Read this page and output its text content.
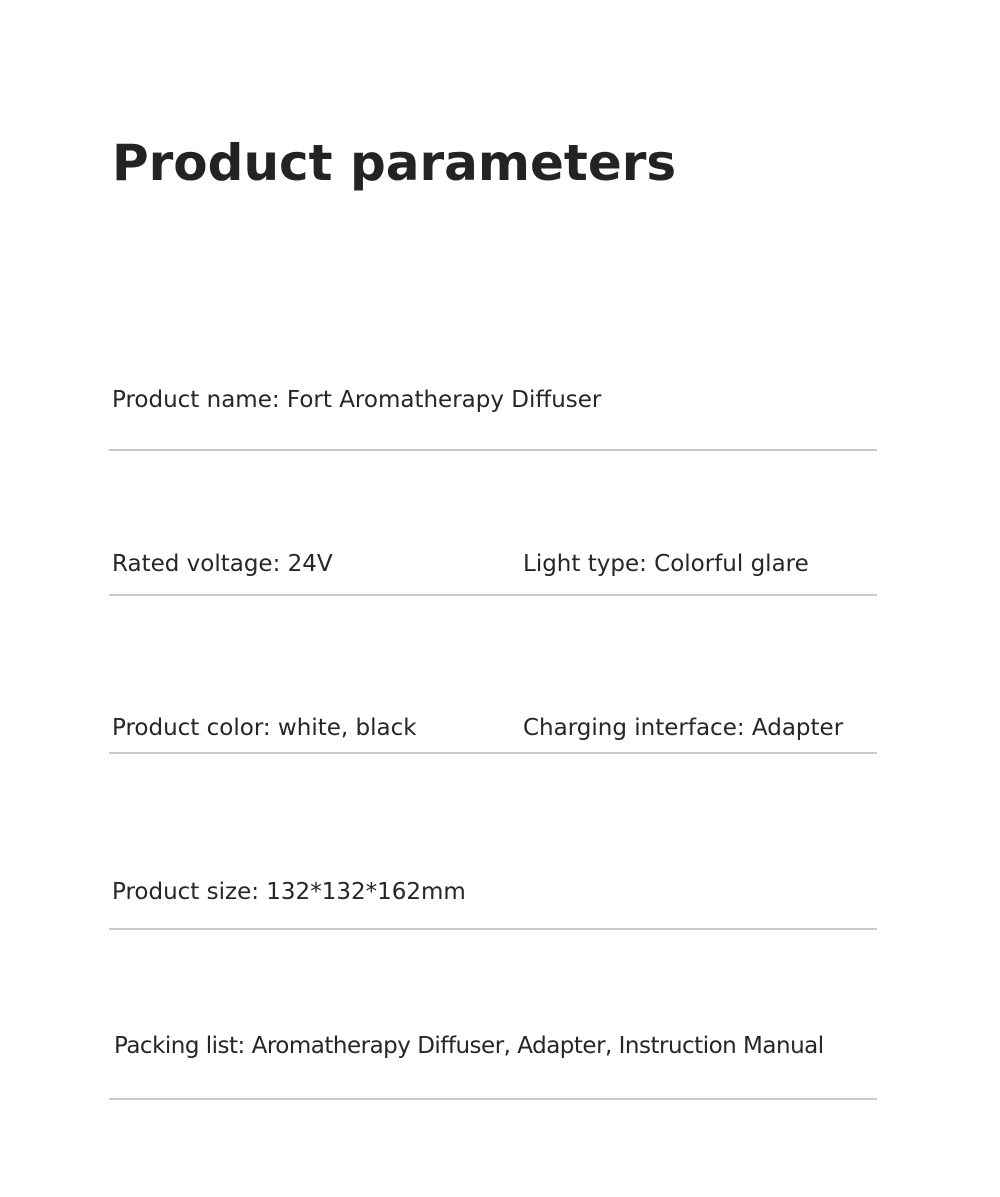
Product parameters
Product name: Fort Aromatherapy Diffuser
Rated voltage: 24V	Light type: Colorful glare
Product color: white, black	Charging interface: Adapter
Product size: 132*132*162mm
Packing list: Aromatherapy Diffuser, Adapter, Instruction Manual
